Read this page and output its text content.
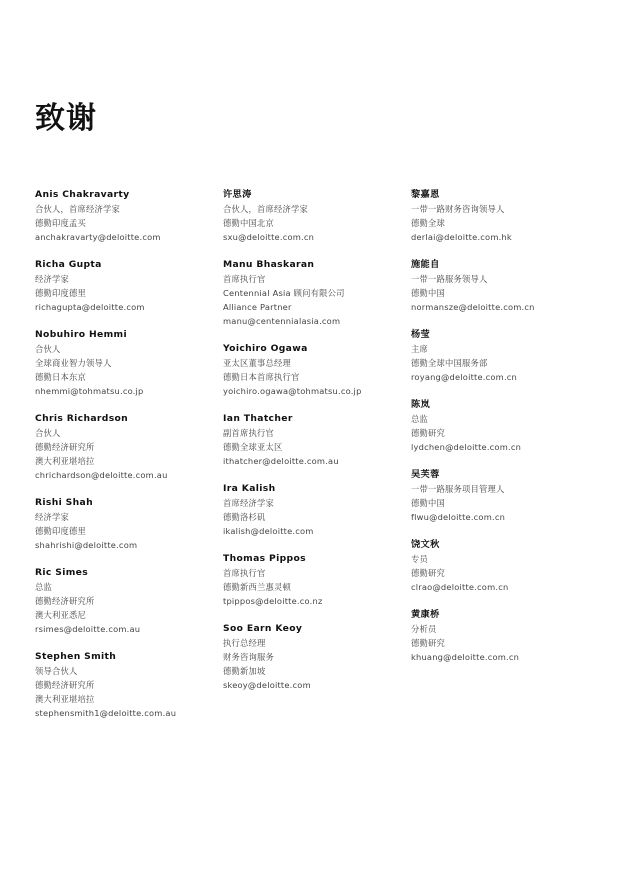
致谢
Anis Chakravarty
合伙人，首席经济学家
德勤印度孟买
anchakravarty@deloitte.com
Richa Gupta
经济学家
德勤印度德里
richagupta@deloitte.com
Nobuhiro Hemmi
合伙人
全球商业智力领导人
德勤日本东京
nhemmi@tohmatsu.co.jp
Chris Richardson
合伙人
德勤经济研究所
澳大利亚堪培拉
chrichardson@deloitte.com.au
Rishi Shah
经济学家
德勤印度德里
shahrishi@deloitte.com
Ric Simes
总监
德勤经济研究所
澳大利亚悉尼
rsimes@deloitte.com.au
Stephen Smith
领导合伙人
德勤经济研究所
澳大利亚堪培拉
stephensmith1@deloitte.com.au
许思涛
合伙人，首席经济学家
德勤中国北京
sxu@deloitte.com.cn
Manu Bhaskaran
首席执行官
Centennial Asia 顾问有限公司
Alliance Partner
manu@centennialasia.com
Yoichiro Ogawa
亚太区董事总经理
德勤日本首席执行官
yoichiro.ogawa@tohmatsu.co.jp
Ian Thatcher
副首席执行官
德勤全球亚太区
ithatcher@deloitte.com.au
Ira Kalish
首席经济学家
德勤洛杉矶
ikalish@deloitte.com
Thomas Pippos
首席执行官
德勤新西兰惠灵顿
tpippos@deloitte.co.nz
Soo Earn Keoy
执行总经理
财务咨询服务
德勤新加坡
skeoy@deloitte.com
黎嘉恩
一带一路财务咨询领导人
德勤全球
derlai@deloitte.com.hk
施能自
一带一路服务领导人
德勤中国
normansze@deloitte.com.cn
杨莹
主席
德勤全球中国服务部
royang@deloitte.com.cn
陈岚
总监
德勤研究
lydchen@deloitte.com.cn
吴芙蓉
一带一路服务项目管理人
德勤中国
flwu@deloitte.com.cn
饶文秋
专员
德勤研究
clrao@deloitte.com.cn
黄康桥
分析员
德勤研究
khuang@deloitte.com.cn
